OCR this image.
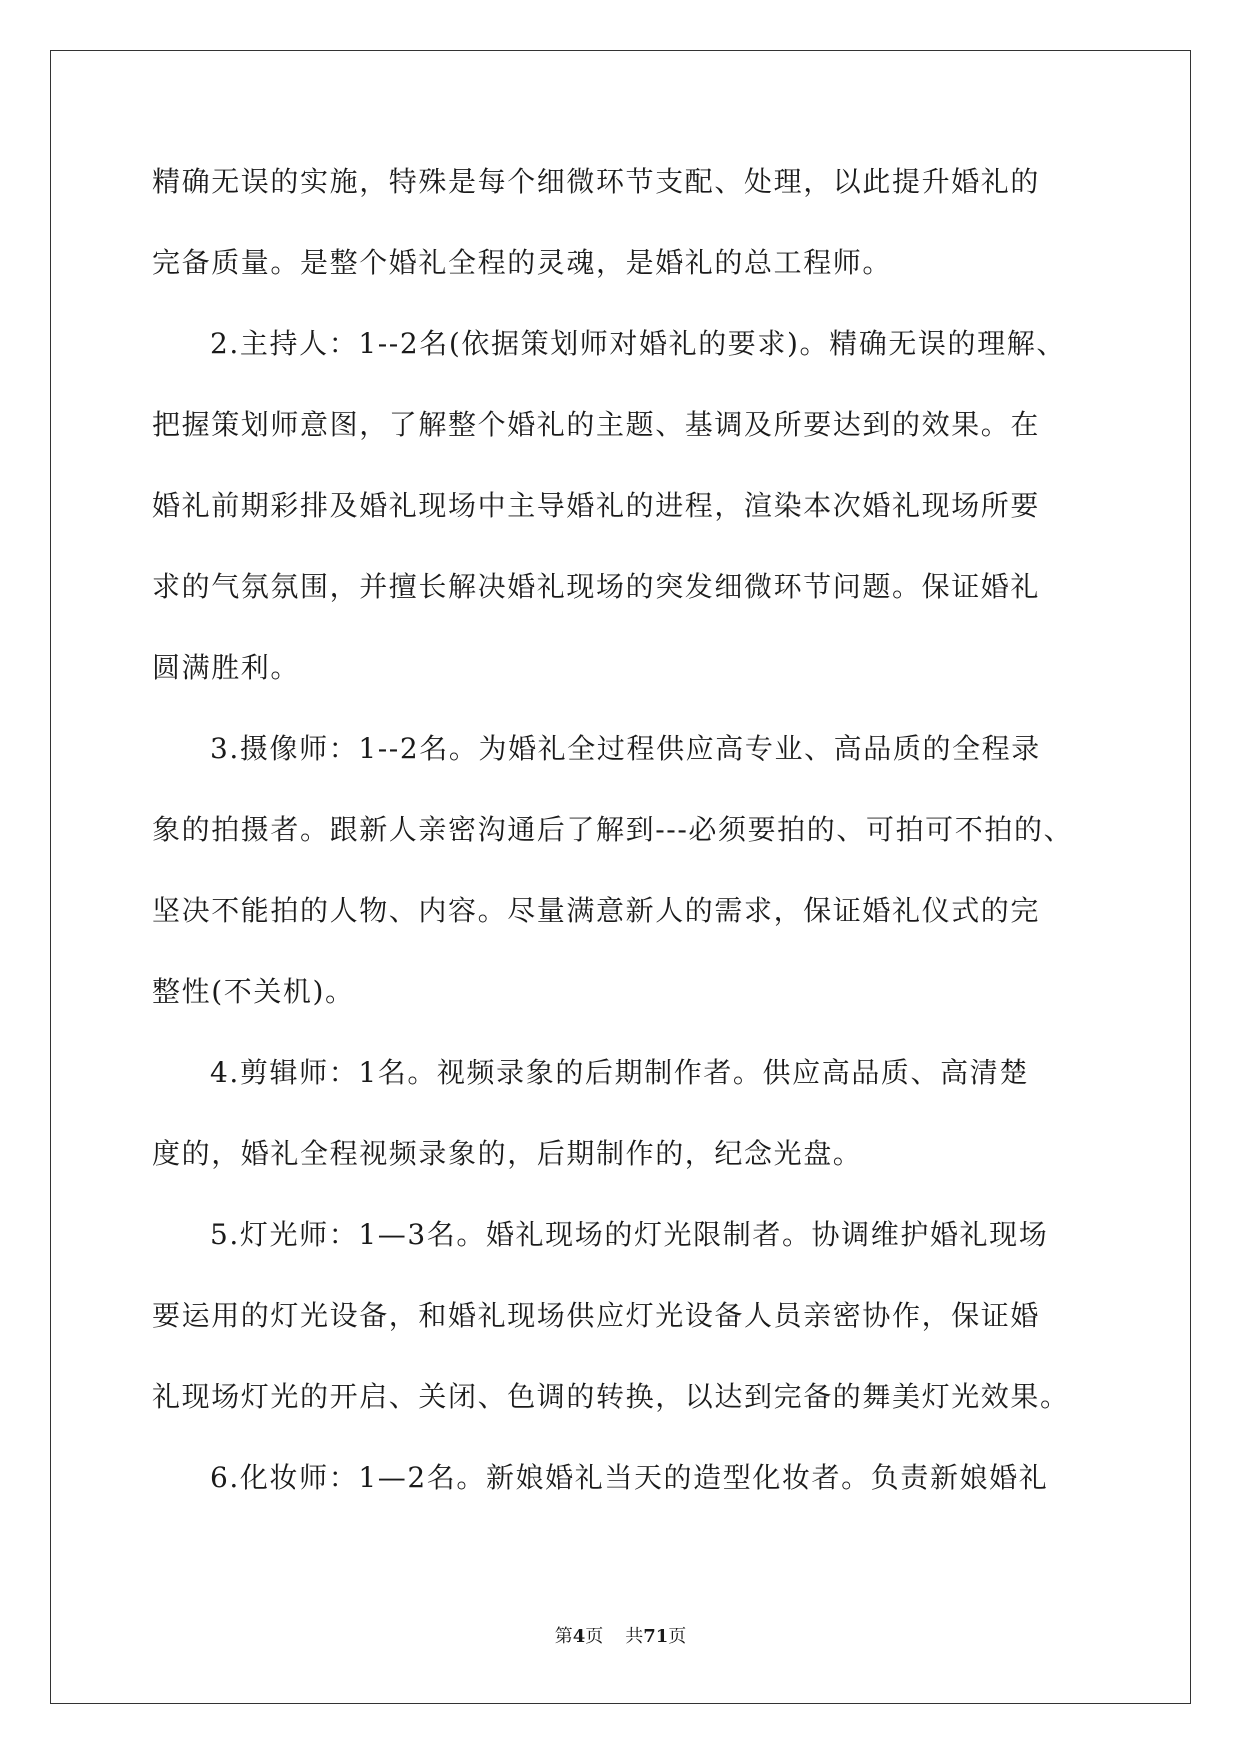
精确无误的实施，特殊是每个细微环节支配、处理，以此提升婚礼的
完备质量。是整个婚礼全程的灵魂，是婚礼的总工程师。
2.主持人：1--2名(依据策划师对婚礼的要求)。精确无误的理解、
把握策划师意图，了解整个婚礼的主题、基调及所要达到的效果。在
婚礼前期彩排及婚礼现场中主导婚礼的进程，渲染本次婚礼现场所要
求的气氛氛围，并擅长解决婚礼现场的突发细微环节问题。保证婚礼
圆满胜利。
3.摄像师：1--2名。为婚礼全过程供应高专业、高品质的全程录
象的拍摄者。跟新人亲密沟通后了解到---必须要拍的、可拍可不拍的、
坚决不能拍的人物、内容。尽量满意新人的需求，保证婚礼仪式的完
整性(不关机)。
4.剪辑师：1名。视频录象的后期制作者。供应高品质、高清楚
度的，婚礼全程视频录象的，后期制作的，纪念光盘。
5.灯光师：1—3名。婚礼现场的灯光限制者。协调维护婚礼现场
要运用的灯光设备，和婚礼现场供应灯光设备人员亲密协作，保证婚
礼现场灯光的开启、关闭、色调的转换，以达到完备的舞美灯光效果。
6.化妆师：1—2名。新娘婚礼当天的造型化妆者。负责新娘婚礼
第4页 共71页
